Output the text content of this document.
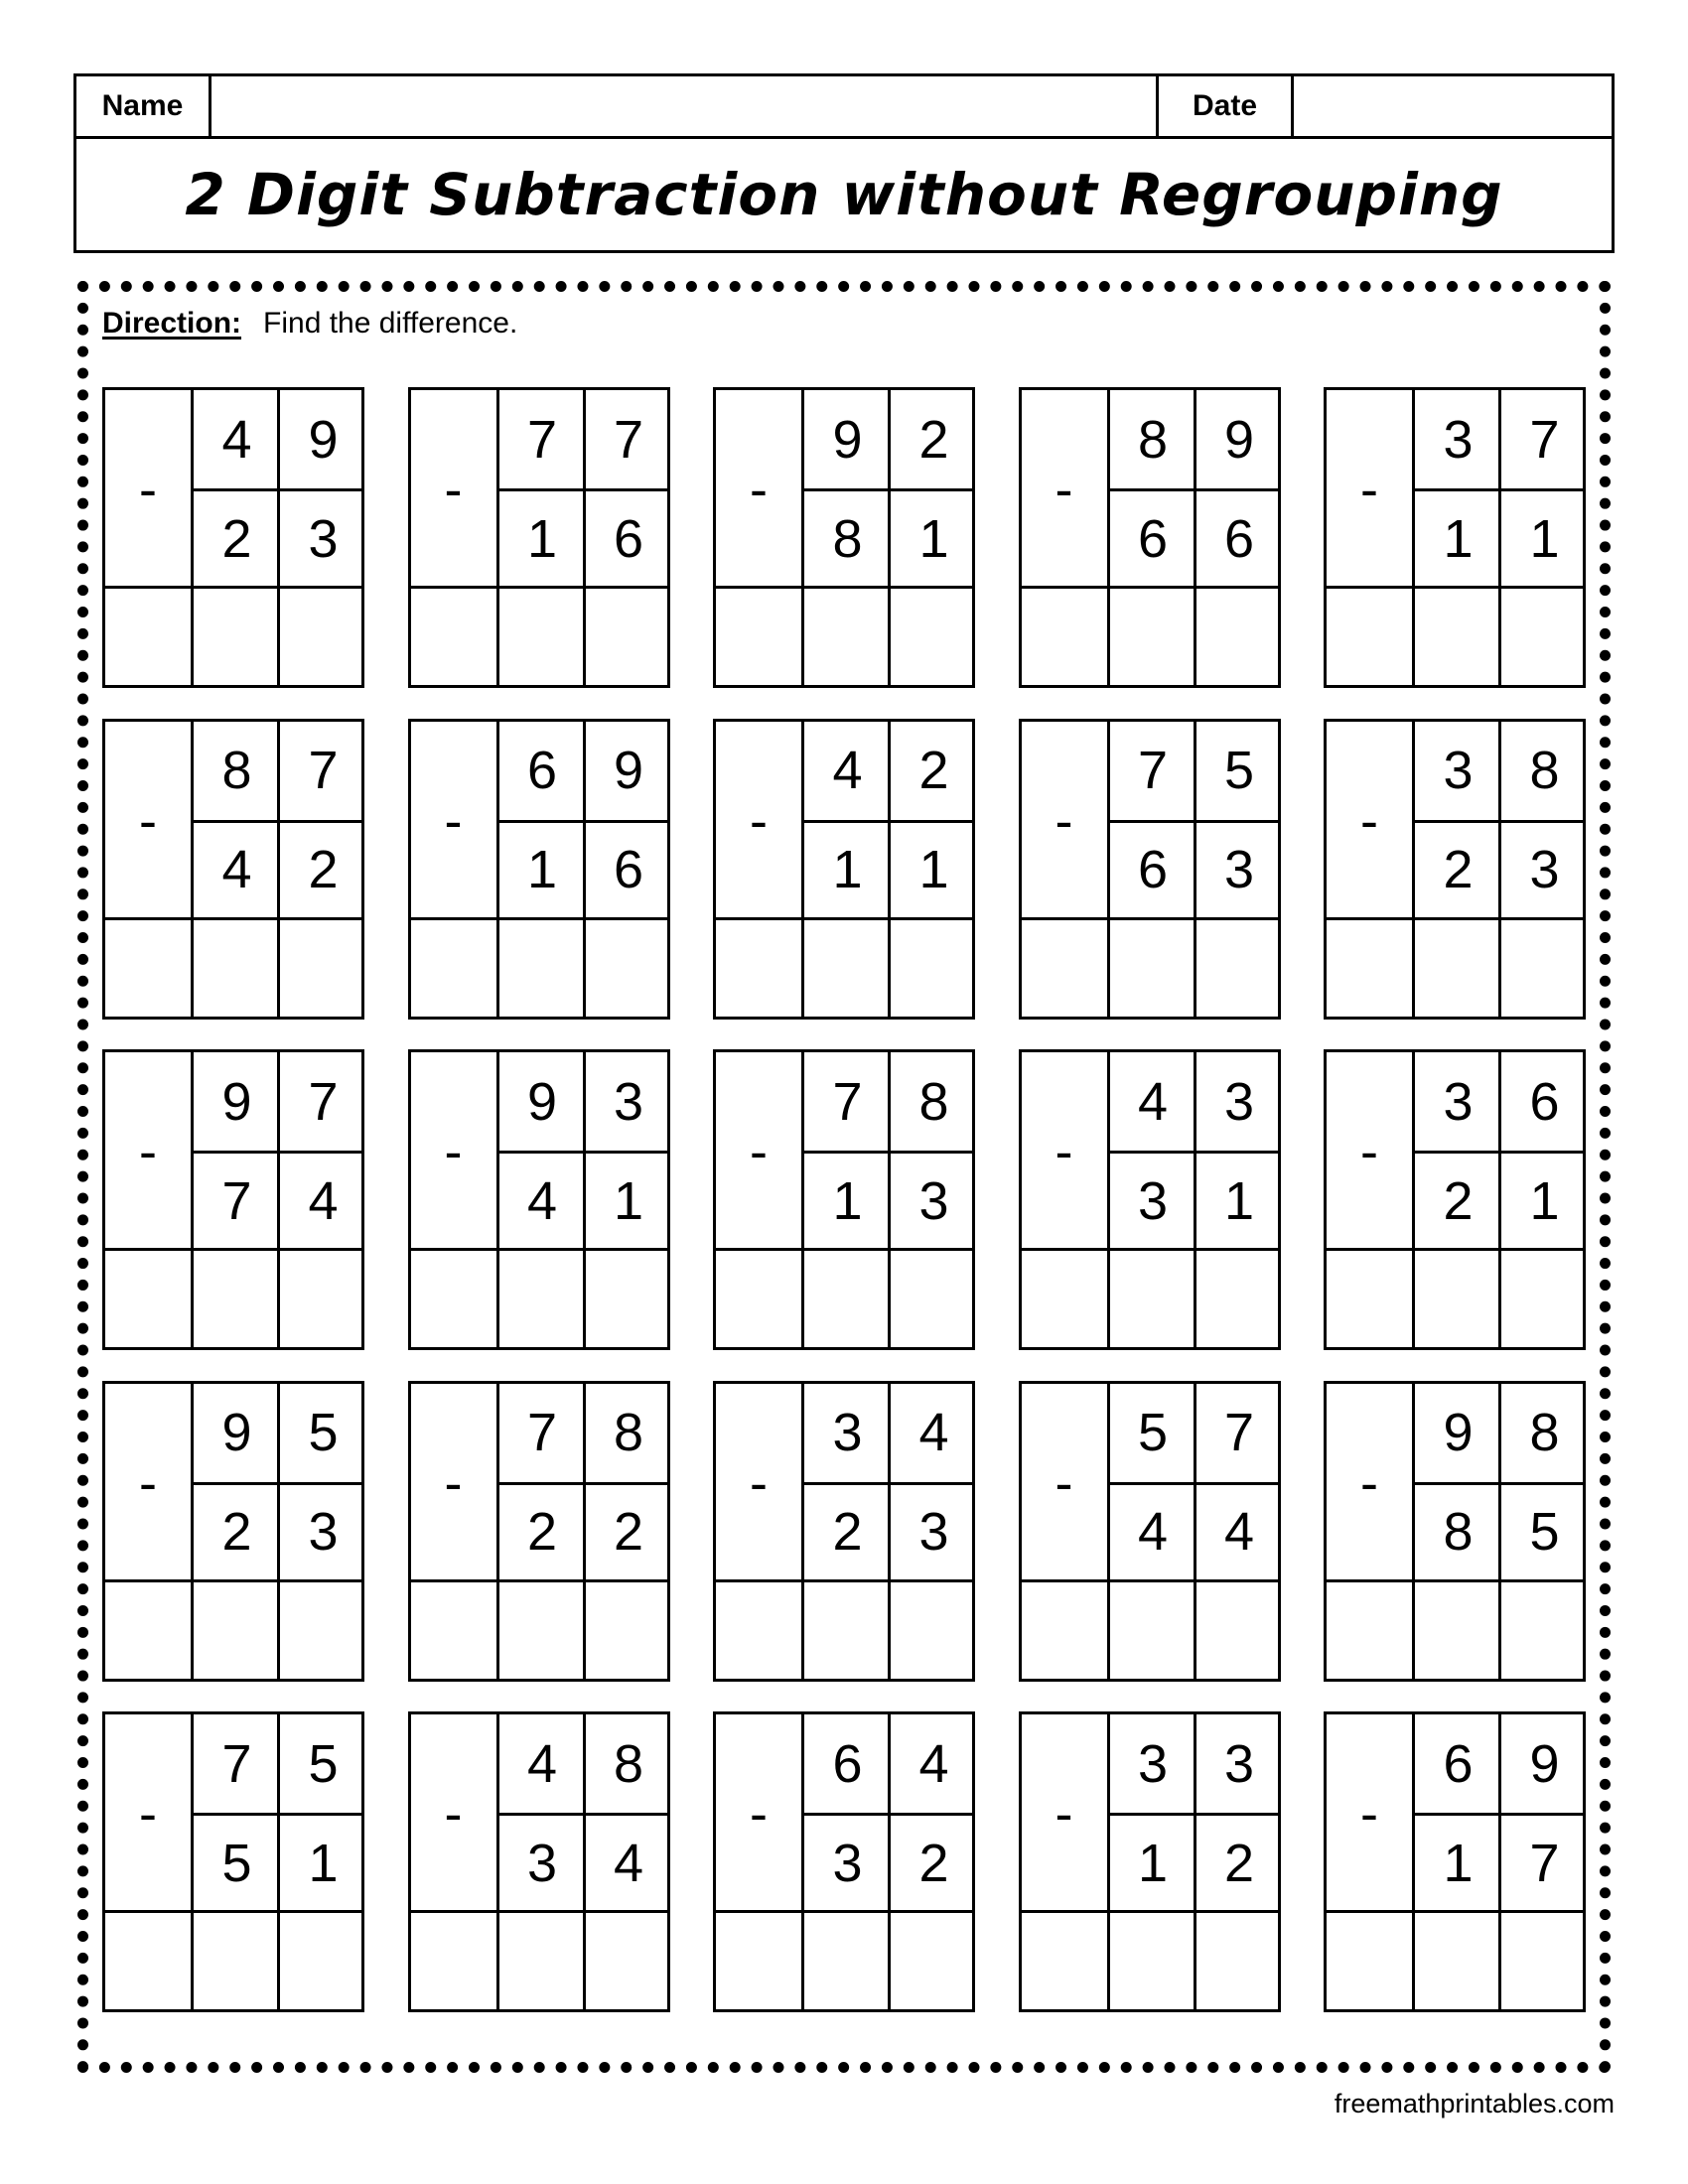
Name	Date
2 Digit Subtraction without Regrouping
Direction: Find the difference.
-
4	9
2	3
-
7	7
1	6
-
9	2
8	1
-
8	9
6	6
-
3	7
1	1
-
8	7
4	2
-
6	9
1	6
-
4	2
1	1
-
7	5
6	3
-
3	8
2	3
-
9	7
7	4
-
9	3
4	1
-
7	8
1	3
-
4	3
3	1
-
3	6
2	1
-
9	5
2	3
-
7	8
2	2
-
3	4
2	3
-
5	7
4	4
-
9	8
8	5
-
7	5
5	1
-
4	8
3	4
-
6	4
3	2
-
3	3
1	2
-
6	9
1	7
freemathprintables.com
